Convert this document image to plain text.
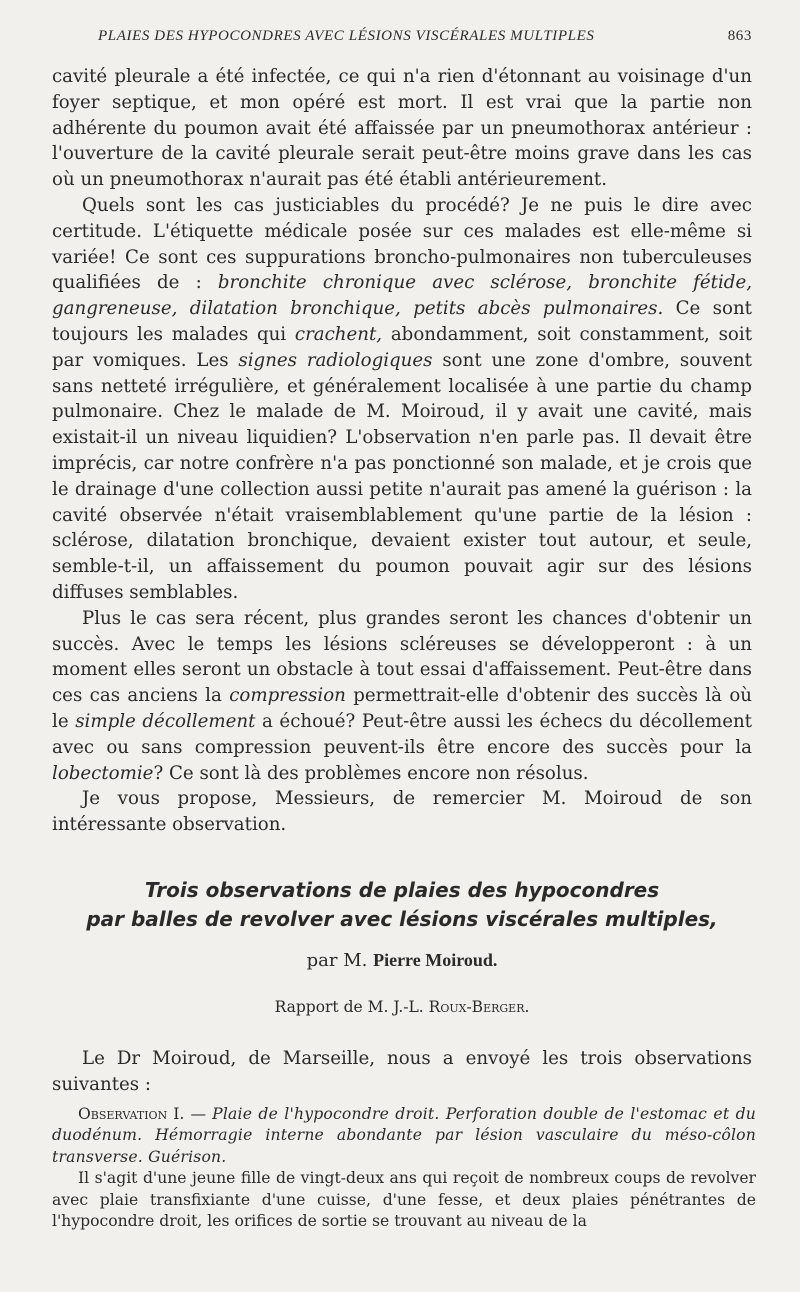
PLAIES DES HYPOCONDRES AVEC LÉSIONS VISCÉRALES MULTIPLES	863

cavité pleurale a été infectée, ce qui n'a rien d'étonnant au voisinage d'un foyer septique, et mon opéré est mort. Il est vrai que la partie non adhérente du poumon avait été affaissée par un pneumothorax antérieur : l'ouverture de la cavité pleurale serait peut-être moins grave dans les cas où un pneumothorax n'aurait pas été établi antérieurement.

Quels sont les cas justiciables du procédé? Je ne puis le dire avec certitude. L'étiquette médicale posée sur ces malades est elle-même si variée! Ce sont ces suppurations broncho-pulmonaires non tuberculeuses qualifiées de : bronchite chronique avec sclérose, bronchite fétide, gangreneuse, dilatation bronchique, petits abcès pulmonaires. Ce sont toujours les malades qui crachent, abondamment, soit constamment, soit par vomiques. Les signes radiologiques sont une zone d'ombre, souvent sans netteté irrégulière, et généralement localisée à une partie du champ pulmonaire. Chez le malade de M. Moiroud, il y avait une cavité, mais existait-il un niveau liquidien? L'observation n'en parle pas. Il devait être imprécis, car notre confrère n'a pas ponctionné son malade, et je crois que le drainage d'une collection aussi petite n'aurait pas amené la guérison : la cavité observée n'était vraisemblablement qu'une partie de la lésion : sclérose, dilatation bronchique, devaient exister tout autour, et seule, semble-t-il, un affaissement du poumon pouvait agir sur des lésions diffuses semblables.

Plus le cas sera récent, plus grandes seront les chances d'obtenir un succès. Avec le temps les lésions scléreuses se développeront : à un moment elles seront un obstacle à tout essai d'affaissement. Peut-être dans ces cas anciens la compression permettrait-elle d'obtenir des succès là où le simple décollement a échoué? Peut-être aussi les échecs du décollement avec ou sans compression peuvent-ils être encore des succès pour la lobectomie? Ce sont là des problèmes encore non résolus.

Je vous propose, Messieurs, de remercier M. Moiroud de son intéressante observation.

Trois observations de plaies des hypocondres
par balles de revolver avec lésions viscérales multiples,
par M. Pierre Moiroud.
Rapport de M. J.-L. Roux-Berger.

Le Dr Moiroud, de Marseille, nous a envoyé les trois observations suivantes :

Observation I. — Plaie de l'hypocondre droit. Perforation double de l'estomac et du duodénum. Hémorragie interne abondante par lésion vasculaire du méso-côlon transverse. Guérison.

Il s'agit d'une jeune fille de vingt-deux ans qui reçoit de nombreux coups de revolver avec plaie transfixiante d'une cuisse, d'une fesse, et deux plaies pénétrantes de l'hypocondre droit, les orifices de sortie se trouvant au niveau de la
